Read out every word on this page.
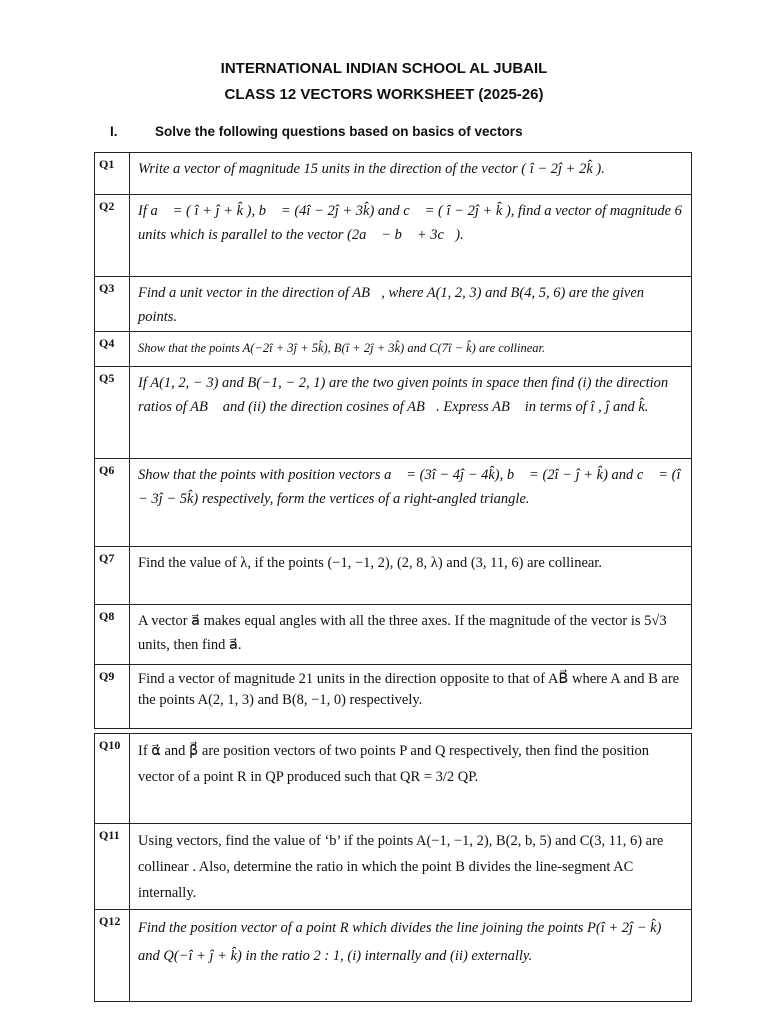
INTERNATIONAL INDIAN SCHOOL AL JUBAIL
CLASS 12 VECTORS WORKSHEET (2025-26)
I.	Solve the following questions based on basics of vectors
Q1	Write a vector of magnitude 15 units in the direction of the vector ( î − 2ĵ + 2k̂ ).
Q2	If a⃗ = ( î + ĵ + k̂ ), b⃗ = (4î − 2ĵ + 3k̂) and c⃗ = ( î − 2ĵ + k̂ ), find a vector of magnitude 6 units which is parallel to the vector (2a⃗ − b⃗ + 3c⃗).
Q3	Find a unit vector in the direction of AB⃗, where A(1, 2, 3) and B(4, 5, 6) are the given points.
Q4	Show that the points A(−2î + 3ĵ + 5k̂), B(î + 2ĵ + 3k̂) and C(7î − k̂) are collinear.
Q5	If A(1, 2, − 3) and B(−1, − 2, 1) are the two given points in space then find (i) the direction ratios of AB⃗ and (ii) the direction cosines of AB⃗. Express AB⃗ in terms of î , ĵ and k̂.
Q6	Show that the points with position vectors a⃗ = (3î − 4ĵ − 4k̂), b⃗ = (2î − ĵ + k̂) and c⃗ = (î − 3ĵ − 5k̂) respectively, form the vertices of a right-angled triangle.
Q7	Find the value of λ, if the points (−1, −1, 2), (2, 8, λ) and (3, 11, 6) are collinear.
Q8	A vector a⃗ makes equal angles with all the three axes. If the magnitude of the vector is 5√3 units, then find a⃗.
Q9	Find a vector of magnitude 21 units in the direction opposite to that of AB⃗ where A and B are the points A(2, 1, 3) and B(8, −1, 0) respectively.
Q10	If α⃗ and β⃗ are position vectors of two points P and Q respectively, then find the position vector of a point R in QP produced such that QR = 3/2 QP.
Q11	Using vectors, find the value of ‘b’ if the points A(−1, −1, 2), B(2, b, 5) and C(3, 11, 6) are collinear . Also, determine the ratio in which the point B divides the line-segment AC internally.
Q12	Find the position vector of a point R which divides the line joining the points P(î + 2ĵ − k̂) and Q(−î + ĵ + k̂) in the ratio 2 : 1, (i) internally and (ii) externally.
